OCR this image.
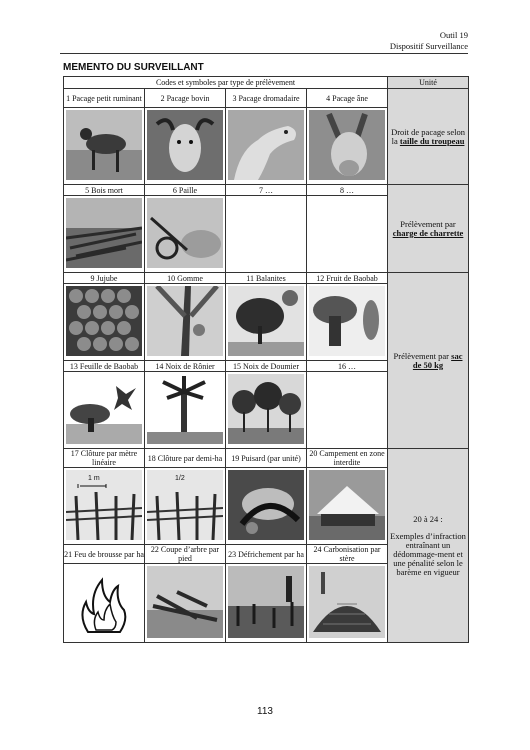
Outil 19
Dispositif Surveillance
MEMENTO DU SURVEILLANT
Codes et symboles par type de prélèvement				Unité
1 Pacage petit ruminant	2 Pacage bovin	3 Pacage dromadaire	4 Pacage âne	Droit de pacage selon la taille du troupeau

5 Bois mort	6 Paille	7 …	8 …	Prélèvement par charge de charrette

9 Jujube	10 Gomme	11 Balanites	12 Fruit de Baobab	Prélèvement par sac
de 50 kg

13 Feuille de Baobab	14 Noix de Rônier	15 Noix de Doumier	16 …	

17 Clôture par mètre linéaire	18 Clôture par demi-ha	19 Puisard (par unité)	20 Campement en zone interdite	20 à 24 :
Exemples d’infraction entraînant un dédommage-ment et une pénalité selon le barème en vigueur

1 m	1/2

21 Feu de brousse par ha	22 Coupe d’arbre par pied	23 Défrichement par ha	24 Carbonisation par stère	

113
